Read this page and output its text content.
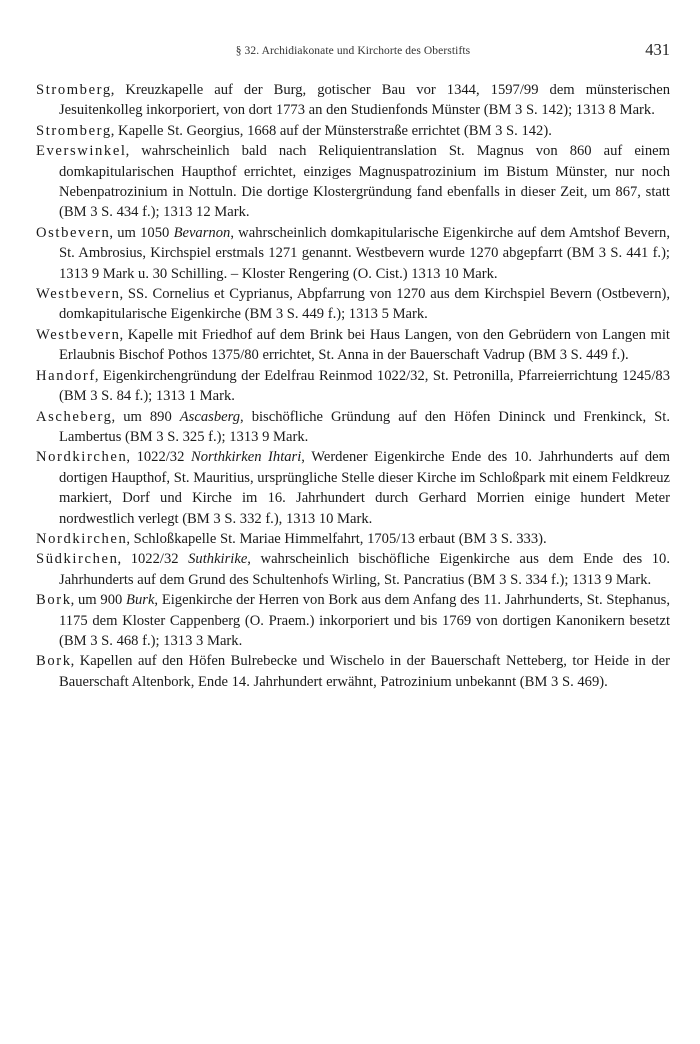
§ 32. Archidiakonate und Kirchorte des Oberstifts	431
Stromberg, Kreuzkapelle auf der Burg, gotischer Bau vor 1344, 1597/99 dem münsterischen Jesuitenkolleg inkorporiert, von dort 1773 an den Studienfonds Münster (BM 3 S. 142); 1313 8 Mark.
Stromberg, Kapelle St. Georgius, 1668 auf der Münsterstraße errichtet (BM 3 S. 142).
Everswinkel, wahrscheinlich bald nach Reliquientranslation St. Magnus von 860 auf einem domkapitularischen Haupthof errichtet, einziges Magnuspatrozinium im Bistum Münster, nur noch Nebenpatrozinium in Nottuln. Die dortige Klostergründung fand ebenfalls in dieser Zeit, um 867, statt (BM 3 S. 434 f.); 1313 12 Mark.
Ostbevern, um 1050 Bevarnon, wahrscheinlich domkapitularische Eigenkirche auf dem Amtshof Bevern, St. Ambrosius, Kirchspiel erstmals 1271 genannt. Westbevern wurde 1270 abgepfarrt (BM 3 S. 441 f.); 1313 9 Mark u. 30 Schilling. – Kloster Rengering (O. Cist.) 1313 10 Mark.
Westbevern, SS. Cornelius et Cyprianus, Abpfarrung von 1270 aus dem Kirchspiel Bevern (Ostbevern), domkapitularische Eigenkirche (BM 3 S. 449 f.); 1313 5 Mark.
Westbevern, Kapelle mit Friedhof auf dem Brink bei Haus Langen, von den Gebrüdern von Langen mit Erlaubnis Bischof Pothos 1375/80 errichtet, St. Anna in der Bauerschaft Vadrup (BM 3 S. 449 f.).
Handorf, Eigenkirchengründung der Edelfrau Reinmod 1022/32, St. Petronilla, Pfarreierrichtung 1245/83 (BM 3 S. 84 f.); 1313 1 Mark.
Ascheberg, um 890 Ascasberg, bischöfliche Gründung auf den Höfen Dininck und Frenkinck, St. Lambertus (BM 3 S. 325 f.); 1313 9 Mark.
Nordkirchen, 1022/32 Northkirken Ihtari, Werdener Eigenkirche Ende des 10. Jahrhunderts auf dem dortigen Haupthof, St. Mauritius, ursprüngliche Stelle dieser Kirche im Schloßpark mit einem Feldkreuz markiert, Dorf und Kirche im 16. Jahrhundert durch Gerhard Morrien einige hundert Meter nordwestlich verlegt (BM 3 S. 332 f.), 1313 10 Mark.
Nordkirchen, Schloßkapelle St. Mariae Himmelfahrt, 1705/13 erbaut (BM 3 S. 333).
Südkirchen, 1022/32 Suthkirike, wahrscheinlich bischöfliche Eigenkirche aus dem Ende des 10. Jahrhunderts auf dem Grund des Schultenhofs Wirling, St. Pancratius (BM 3 S. 334 f.); 1313 9 Mark.
Bork, um 900 Burk, Eigenkirche der Herren von Bork aus dem Anfang des 11. Jahrhunderts, St. Stephanus, 1175 dem Kloster Cappenberg (O. Praem.) inkorporiert und bis 1769 von dortigen Kanonikern besetzt (BM 3 S. 468 f.); 1313 3 Mark.
Bork, Kapellen auf den Höfen Bulrebecke und Wischelo in der Bauerschaft Netteberg, tor Heide in der Bauerschaft Altenbork, Ende 14. Jahrhundert erwähnt, Patrozinium unbekannt (BM 3 S. 469).
